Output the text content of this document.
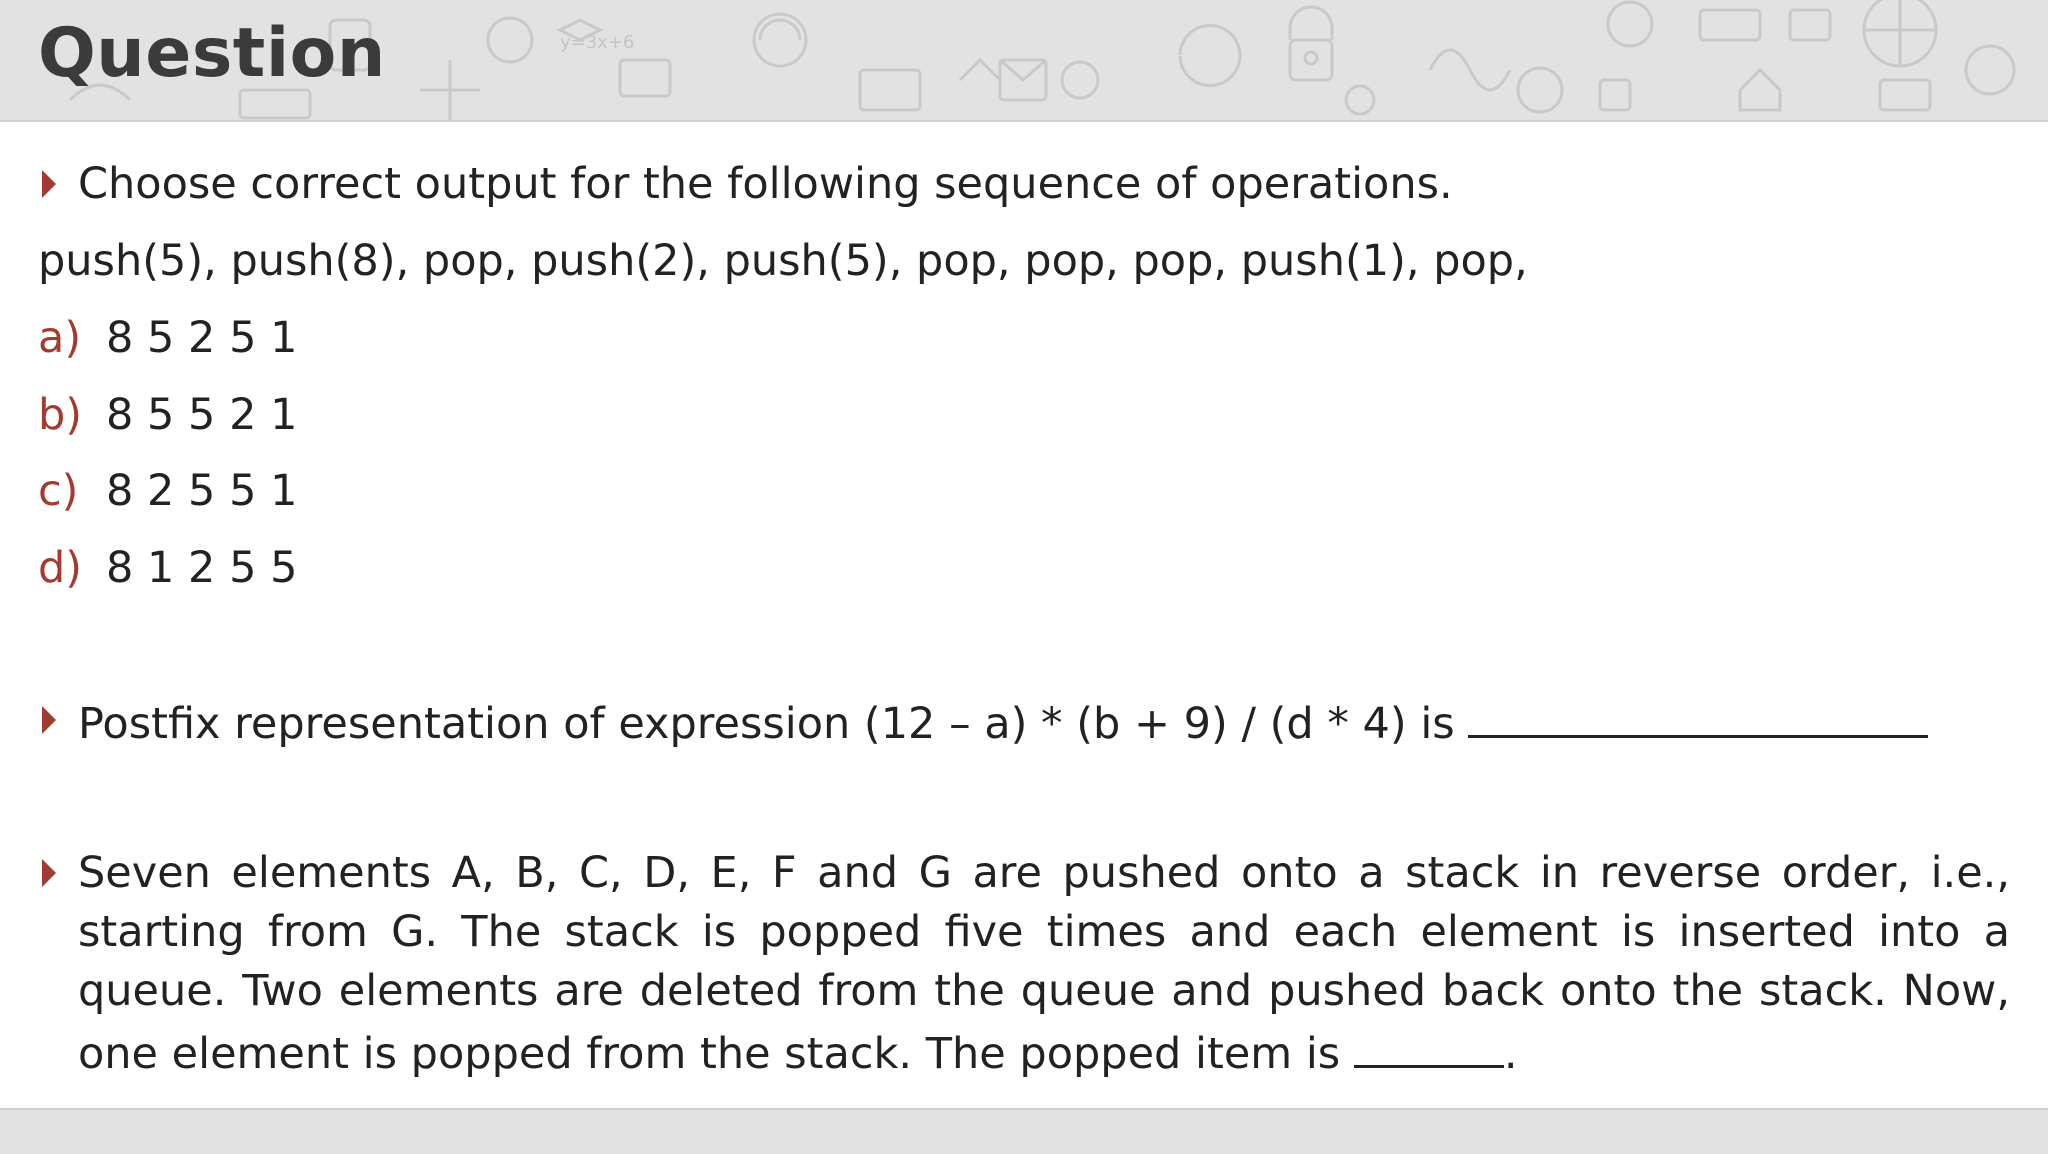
y=3x+6
Question
Choose correct output for the following sequence of operations.
push(5), push(8), pop, push(2), push(5), pop, pop, pop, push(1), pop,
a) 8 5 2 5 1
b) 8 5 5 2 1
c) 8 2 5 5 1
d) 8 1 2 5 5
Postfix representation of expression (12 – a) * (b + 9) / (d * 4) is
Seven elements A, B, C, D, E, F and G are pushed onto a stack in reverse order, i.e., starting from G. The stack is popped five times and each element is inserted into a queue. Two elements are deleted from the queue and pushed back onto the stack. Now, one element is popped from the stack. The popped item is	.
